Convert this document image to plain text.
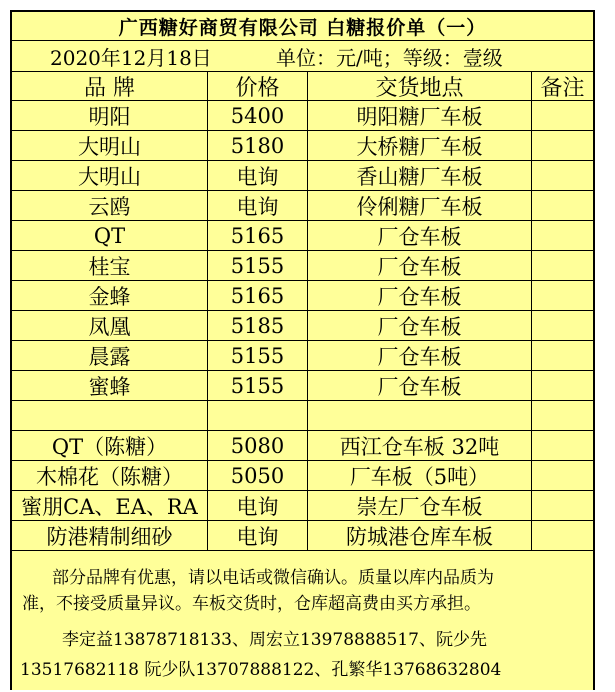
广西糖好商贸有限公司 白糖报价单（一）
2020年12月18日	单位：元/吨；等级：壹级
品 牌	价格	交货地点	备注
明阳	5400	明阳糖厂车板
大明山	5180	大桥糖厂车板
大明山	电询	香山糖厂车板
云鸥	电询	伶俐糖厂车板
QT	5165	厂仓车板
桂宝	5155	厂仓车板
金蜂	5165	厂仓车板
凤凰	5185	厂仓车板
晨露	5155	厂仓车板
蜜蜂	5155	厂仓车板
QT（陈糖）	5080	西江仓车板 32吨
木棉花（陈糖）	5050	厂车板（5吨）
蜜朋CA、EA、RA	电询	崇左厂仓车板
防港精制细砂	电询	防城港仓库车板
部分品牌有优惠，请以电话或微信确认。质量以库内品质为
准，不接受质量异议。车板交货时，仓库超高费由买方承担。
李定益13878718133、周宏立13978888517、阮少先
13517682118 阮少队13707888122、孔繁华13768632804
